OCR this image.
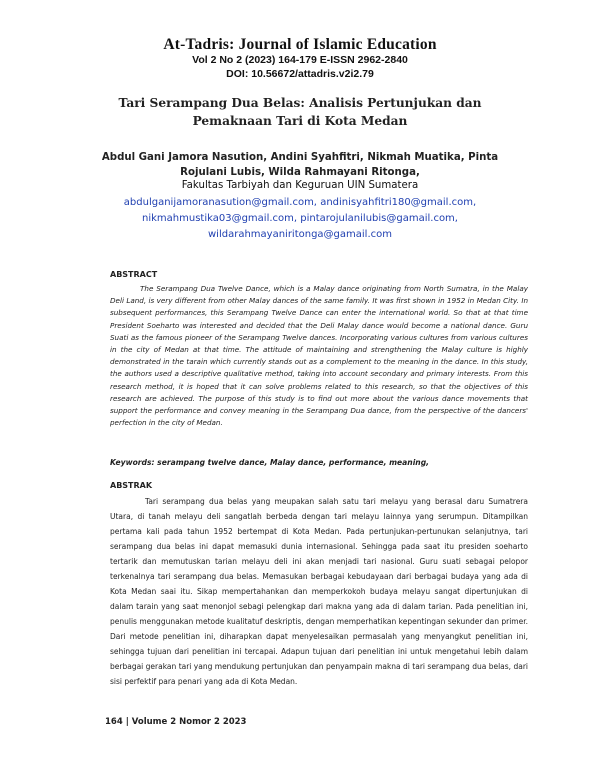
At-Tadris: Journal of Islamic Education
Vol 2 No 2 (2023) 164-179 E-ISSN 2962-2840
DOI: 10.56672/attadris.v2i2.79
Tari Serampang Dua Belas: Analisis Pertunjukan dan Pemaknaan Tari di Kota Medan
Abdul Gani Jamora Nasution, Andini Syahfitri, Nikmah Muatika, Pinta Rojulani Lubis, Wilda Rahmayani Ritonga,
Fakultas Tarbiyah dan Keguruan UIN Sumatera
abdulganijamoranasution@gmail.com, andinisyahfitri180@gmail.com,
nikmahmustika03@gmail.com, pintarojulanilubis@gamail.com,
wildarahmayaniritonga@gamail.com
ABSTRACT
The Serampang Dua Twelve Dance, which is a Malay dance originating from North Sumatra, in the Malay Deli Land, is very different from other Malay dances of the same family. It was first shown in 1952 in Medan City. In subsequent performances, this Serampang Twelve Dance can enter the international world. So that at that time President Soeharto was interested and decided that the Deli Malay dance would become a national dance. Guru Suati as the famous pioneer of the Serampang Twelve dances. Incorporating various cultures from various cultures in the city of Medan at that time. The attitude of maintaining and strengthening the Malay culture is highly demonstrated in the tarain which currently stands out as a complement to the meaning in the dance. In this study, the authors used a descriptive qualitative method, taking into account secondary and primary interests. From this research method, it is hoped that it can solve problems related to this research, so that the objectives of this research are achieved. The purpose of this study is to find out more about the various dance movements that support the performance and convey meaning in the Serampang Dua dance, from the perspective of the dancers' perfection in the city of Medan.
Keywords: serampang twelve dance, Malay dance, performance, meaning,
ABSTRAK
Tari serampang dua belas yang meupakan salah satu tari melayu yang berasal daru Sumatrera Utara, di tanah melayu deli sangatlah berbeda dengan tari melayu lainnya yang serumpun. Ditampilkan pertama kali pada tahun 1952 bertempat di Kota Medan. Pada pertunjukan-pertunukan selanjutnya, tari serampang dua belas ini dapat memasuki dunia internasional. Sehingga pada saat itu presiden soeharto tertarik dan memutuskan tarian melayu deli ini akan menjadi tari nasional. Guru suati sebagai pelopor terkenalnya tari serampang dua belas. Memasukan berbagai kebudayaan dari berbagai budaya yang ada di Kota Medan saai itu. Sikap mempertahankan dan memperkokoh budaya melayu sangat dipertunjukan di dalam tarain yang saat menonjol sebagi pelengkap dari makna yang ada di dalam tarian. Pada penelitian ini, penulis menggunakan metode kualitatuf deskriptis, dengan memperhatikan kepentingan sekunder dan primer. Dari metode penelitian ini, diharapkan dapat menyelesaikan permasalah yang menyangkut penelitian ini, sehingga tujuan dari penelitian ini tercapai. Adapun tujuan dari penelitian ini untuk mengetahui lebih dalam berbagai gerakan tari yang mendukung pertunjukan dan penyampain makna di tari serampang dua belas, dari sisi perfektif para penari yang ada di Kota Medan.
164 | Volume 2 Nomor 2 2023
